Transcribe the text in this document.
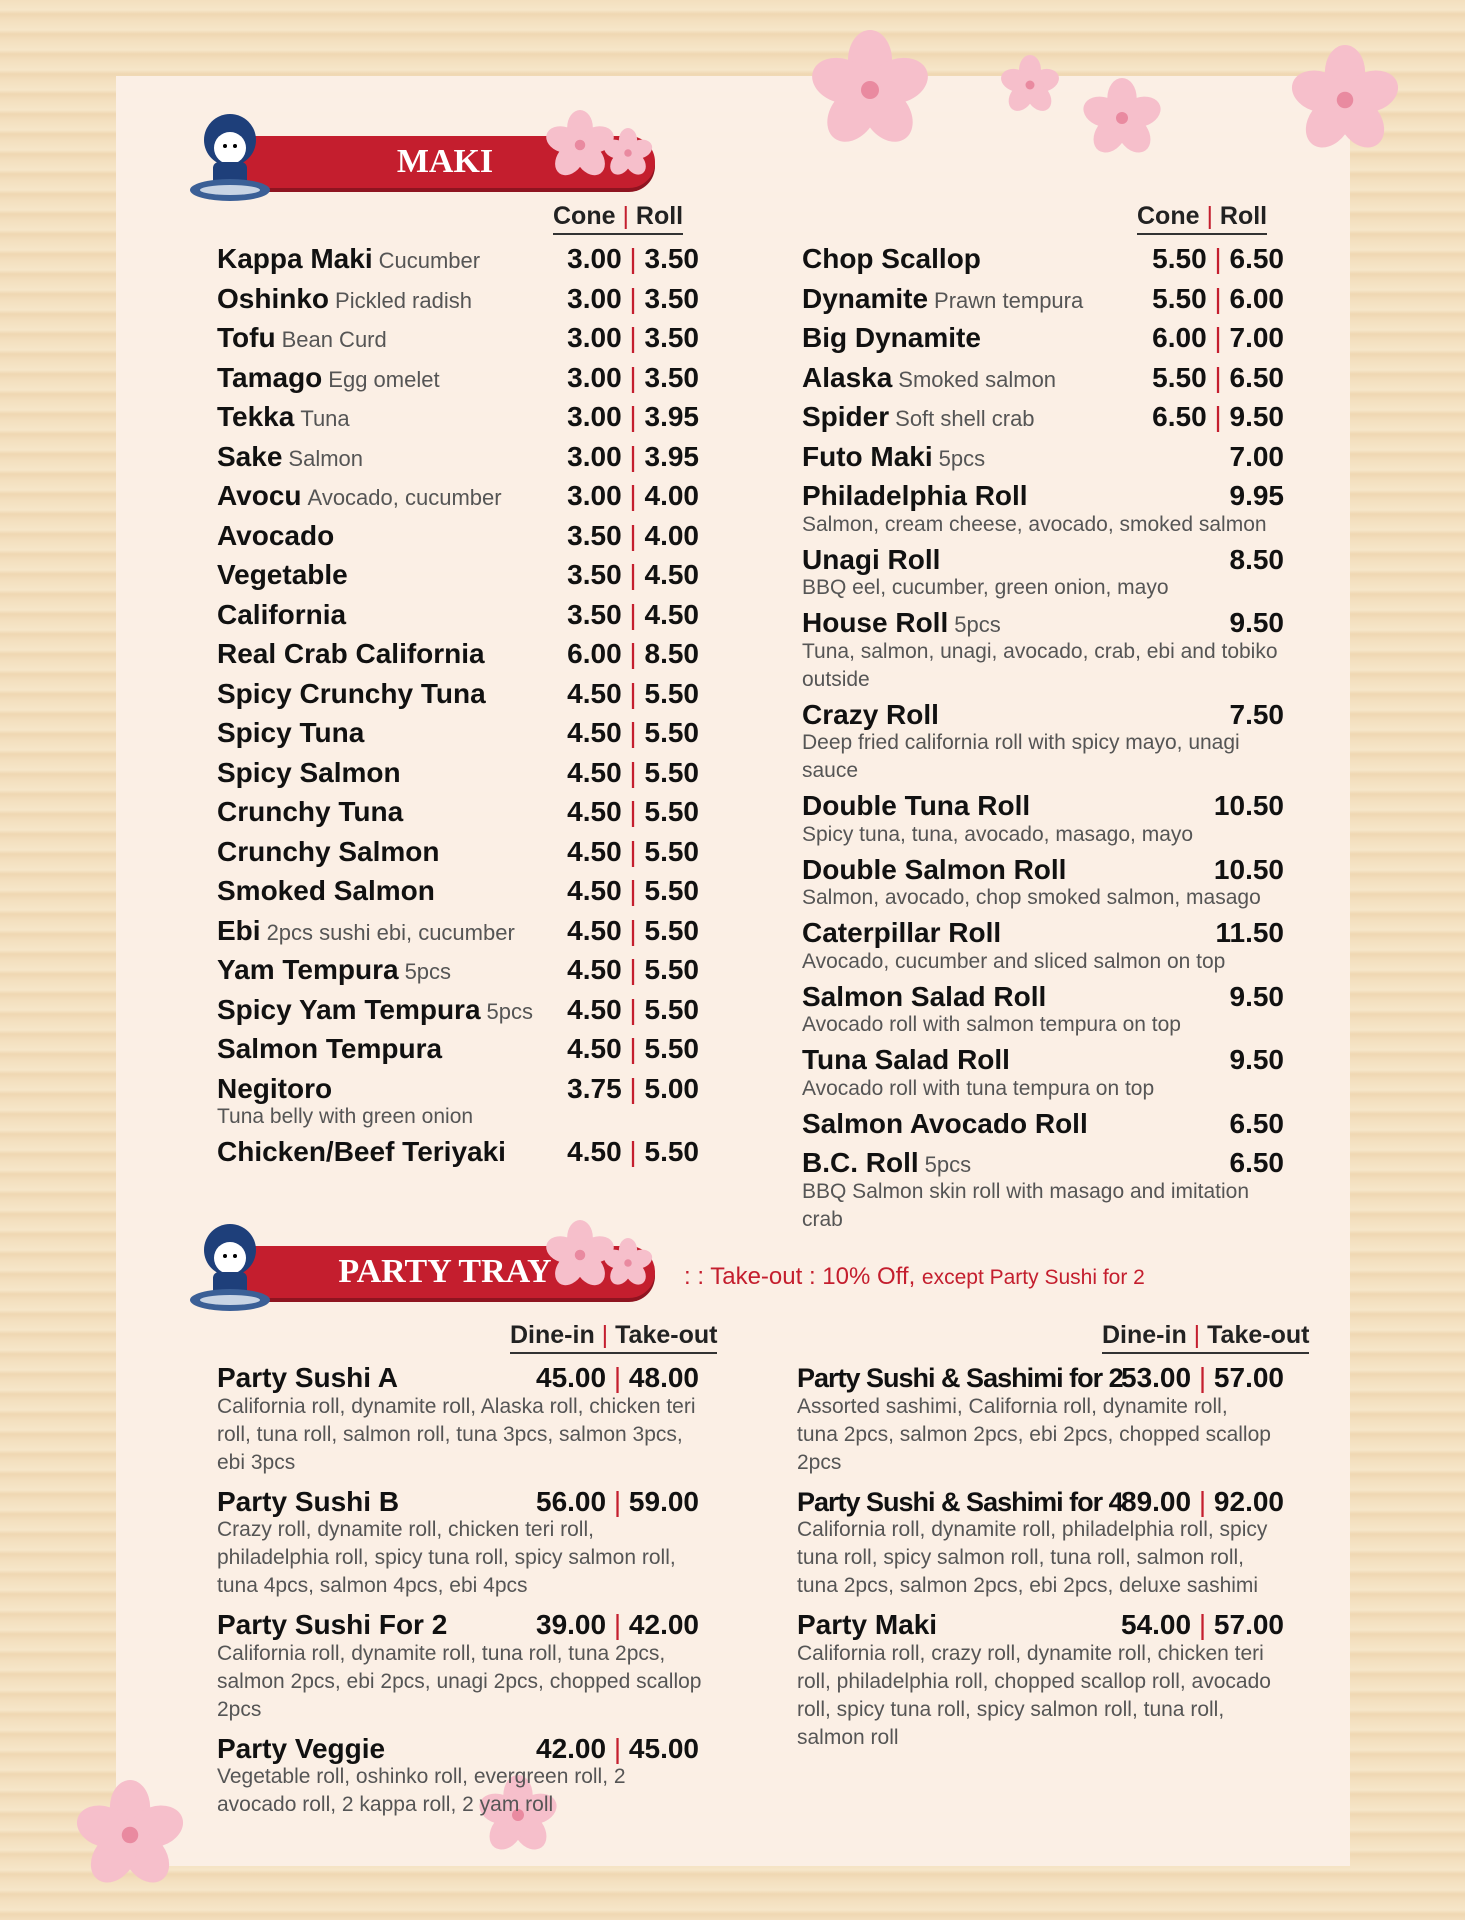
MAKI
Cone | Roll	Cone | Roll
Kappa Maki Cucumber	3.00 | 3.50
Oshinko Pickled radish	3.00 | 3.50
Tofu Bean Curd	3.00 | 3.50
Tamago Egg omelet	3.00 | 3.50
Tekka Tuna	3.00 | 3.95
Sake Salmon	3.00 | 3.95
Avocu Avocado, cucumber 3.00 | 4.00
Avocado	3.50 | 4.00
Vegetable	3.50 | 4.50
California	3.50 | 4.50
Real Crab California	6.00 | 8.50
Spicy Crunchy Tuna	4.50 | 5.50
Spicy Tuna	4.50 | 5.50
Spicy Salmon	4.50 | 5.50
Crunchy Tuna	4.50 | 5.50
Crunchy Salmon	4.50 | 5.50
Smoked Salmon	4.50 | 5.50
Ebi 2pcs sushi ebi, cucumber 4.50 | 5.50
Yam Tempura 5pcs	4.50 | 5.50
Spicy Yam Tempura 5pcs 4.50 | 5.50
Salmon Tempura	4.50 | 5.50
Negitoro	3.75 | 5.00
Tuna belly with green onion
Chicken/Beef Teriyaki 4.50 | 5.50
Chop Scallop	5.50 | 6.50
Dynamite Prawn tempura 5.50 | 6.00
Big Dynamite	6.00 | 7.00
Alaska Smoked salmon	5.50 | 6.50
Spider Soft shell crab	6.50 | 9.50
Futo Maki 5pcs	7.00
Philadelphia Roll	9.95
Salmon, cream cheese, avocado, smoked salmon
Unagi Roll	8.50
BBQ eel, cucumber, green onion, mayo
House Roll 5pcs	9.50
Tuna, salmon, unagi, avocado, crab, ebi and tobiko outside
Crazy Roll	7.50
Deep fried california roll with spicy mayo, unagi sauce
Double Tuna Roll	10.50
Spicy tuna, tuna, avocado, masago, mayo
Double Salmon Roll	10.50
Salmon, avocado, chop smoked salmon, masago
Caterpillar Roll	11.50
Avocado, cucumber and sliced salmon on top
Salmon Salad Roll	9.50
Avocado roll with salmon tempura on top
Tuna Salad Roll	9.50
Avocado roll with tuna tempura on top
Salmon Avocado Roll	6.50
B.C. Roll 5pcs	6.50
BBQ Salmon skin roll with masago and imitation crab
PARTY TRAY	: : Take-out : 10% Off, except Party Sushi for 2
Dine-in | Take-out	Dine-in | Take-out
Party Sushi A	45.00 | 48.00
California roll, dynamite roll, Alaska roll, chicken teri roll, tuna roll, salmon roll, tuna 3pcs, salmon 3pcs, ebi 3pcs
Party Sushi B	56.00 | 59.00
Crazy roll, dynamite roll, chicken teri roll, philadelphia roll, spicy tuna roll, spicy salmon roll, tuna 4pcs, salmon 4pcs, ebi 4pcs
Party Sushi For 2	39.00 | 42.00
California roll, dynamite roll, tuna roll, tuna 2pcs, salmon 2pcs, ebi 2pcs, unagi 2pcs, chopped scallop 2pcs
Party Veggie	42.00 | 45.00
Vegetable roll, oshinko roll, evergreen roll, 2 avocado roll, 2 kappa roll, 2 yam roll
Party Sushi & Sashimi for 2
53.00 | 57.00
Assorted sashimi, California roll, dynamite roll, tuna 2pcs, salmon 2pcs, ebi 2pcs, chopped scallop 2pcs
Party Sushi & Sashimi for 4
89.00 | 92.00
California roll, dynamite roll, philadelphia roll, spicy tuna roll, spicy salmon roll, tuna roll, salmon roll, tuna 2pcs, salmon 2pcs, ebi 2pcs, deluxe sashimi
Party Maki	54.00 | 57.00
California roll, crazy roll, dynamite roll, chicken teri roll, philadelphia roll, chopped scallop roll, avocado roll, spicy tuna roll, spicy salmon roll, tuna roll, salmon roll
